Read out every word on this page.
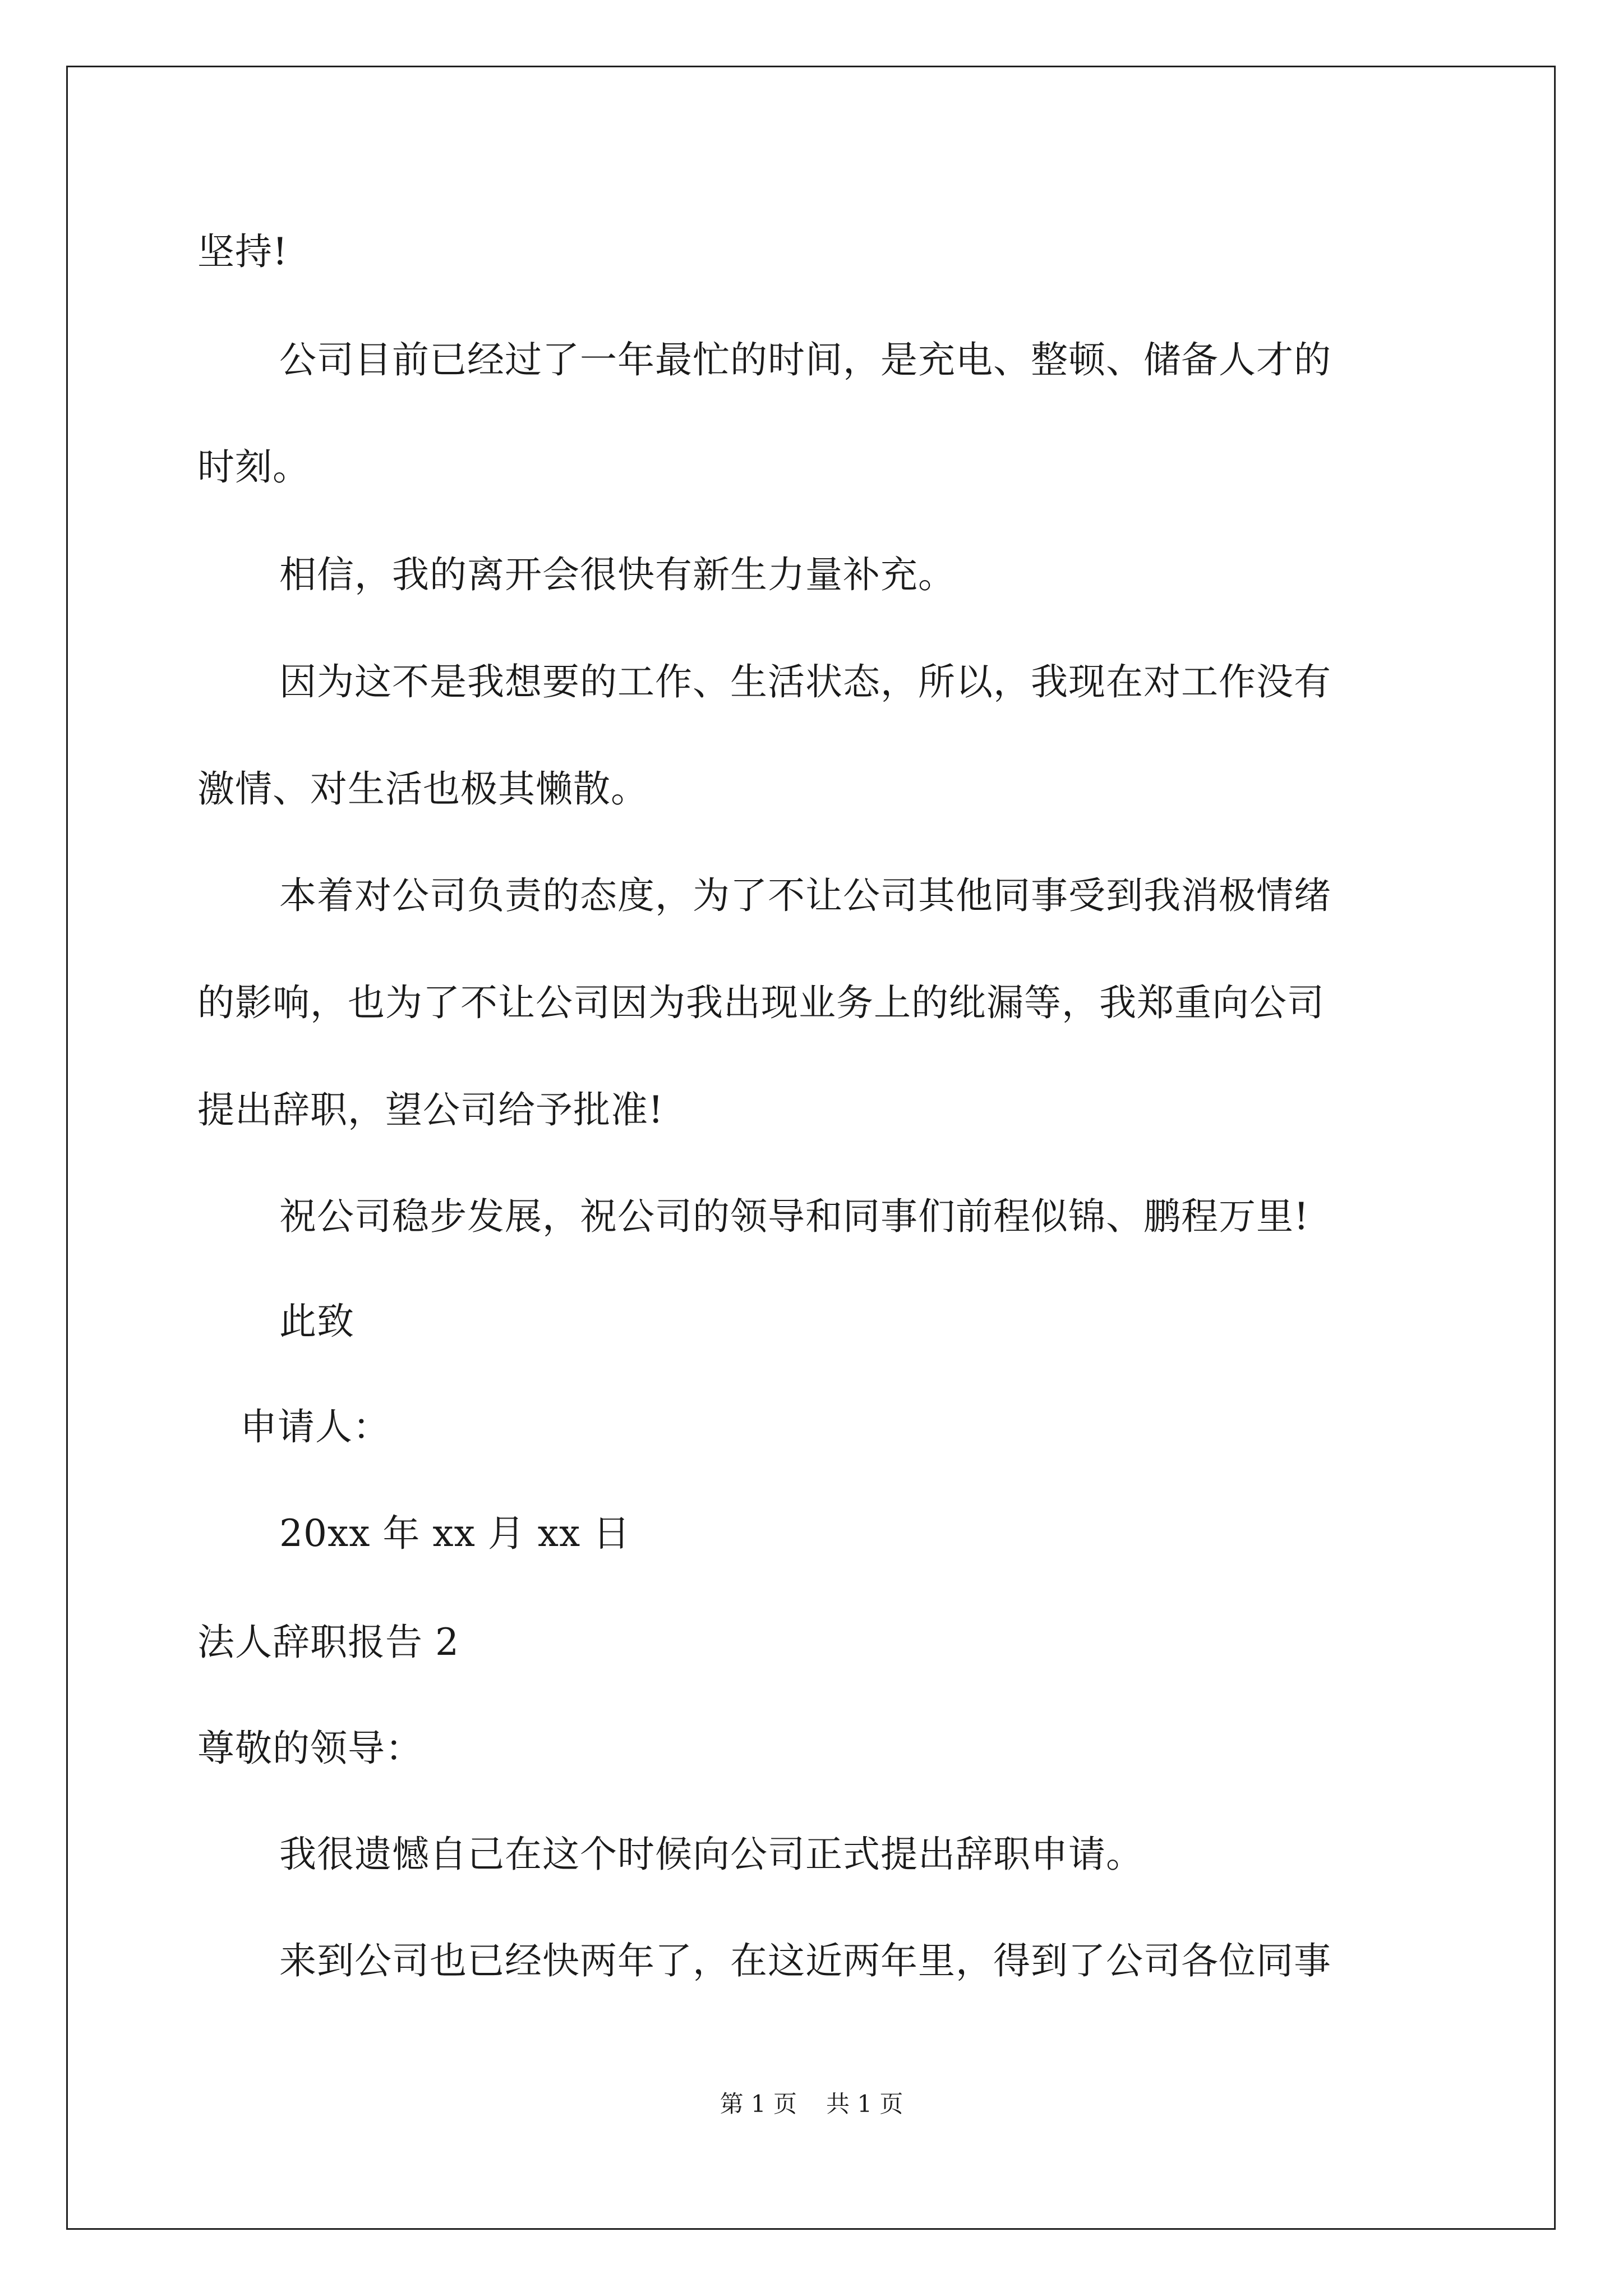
坚持!
公司目前已经过了一年最忙的时间，是充电、整顿、储备人才的
时刻。
相信，我的离开会很快有新生力量补充。
因为这不是我想要的工作、生活状态，所以，我现在对工作没有
激情、对生活也极其懒散。
本着对公司负责的态度，为了不让公司其他同事受到我消极情绪
的影响，也为了不让公司因为我出现业务上的纰漏等，我郑重向公司
提出辞职，望公司给予批准!
祝公司稳步发展，祝公司的领导和同事们前程似锦、鹏程万里!
此致
申请人：
20xx 年 xx 月 xx 日
法人辞职报告 2
尊敬的领导：
我很遗憾自己在这个时候向公司正式提出辞职申请。
来到公司也已经快两年了，在这近两年里，得到了公司各位同事
第 1 页 共 1 页
